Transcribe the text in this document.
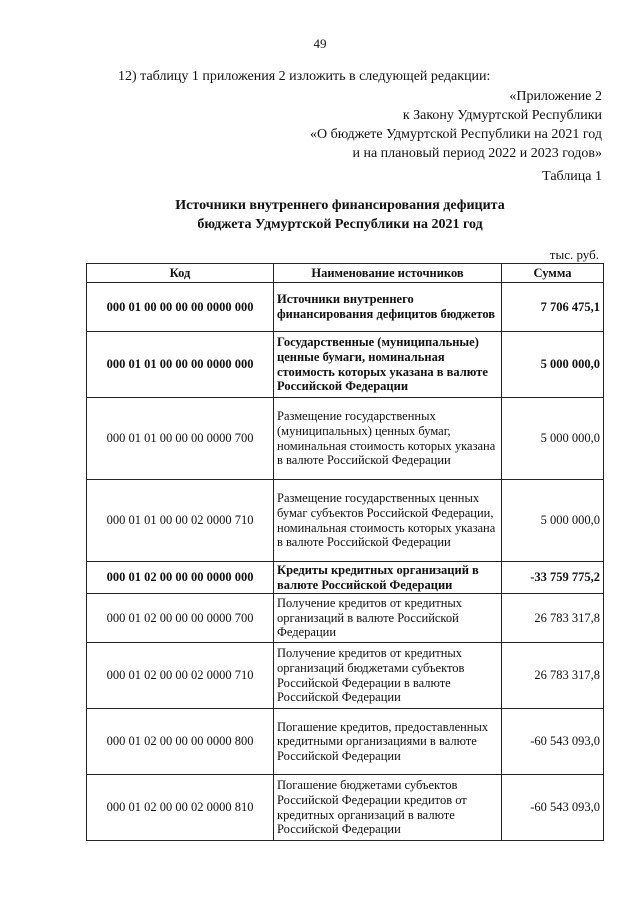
49
12) таблицу 1 приложения 2 изложить в следующей редакции:
«Приложение 2
к Закону Удмуртской Республики
«О бюджете Удмуртской Республики на 2021 год
и на плановый период 2022 и 2023 годов»
Таблица 1
Источники внутреннего финансирования дефицита
бюджета Удмуртской Республики на 2021 год
тыс. руб.
Код	Наименование источников	Сумма
000 01 00 00 00 00 0000 000	Источники внутреннего финансирования дефицитов бюджетов	7 706 475,1
000 01 01 00 00 00 0000 000	Государственные (муниципальные) ценные бумаги, номинальная стоимость которых указана в валюте Российской Федерации	5 000 000,0
000 01 01 00 00 00 0000 700	Размещение государственных (муниципальных) ценных бумаг, номинальная стоимость которых указана в валюте Российской Федерации	5 000 000,0
000 01 01 00 00 02 0000 710	Размещение государственных ценных бумаг субъектов Российской Федерации, номинальная стоимость которых указана в валюте Российской Федерации	5 000 000,0
000 01 02 00 00 00 0000 000	Кредиты кредитных организаций в валюте Российской Федерации	-33 759 775,2
000 01 02 00 00 00 0000 700	Получение кредитов от кредитных организаций в валюте Российской Федерации	26 783 317,8
000 01 02 00 00 02 0000 710	Получение кредитов от кредитных организаций бюджетами субъектов Российской Федерации в валюте Российской Федерации	26 783 317,8
000 01 02 00 00 00 0000 800	Погашение кредитов, предоставленных кредитными организациями в валюте Российской Федерации	-60 543 093,0
000 01 02 00 00 02 0000 810	Погашение бюджетами субъектов Российской Федерации кредитов от кредитных организаций в валюте Российской Федерации	-60 543 093,0
